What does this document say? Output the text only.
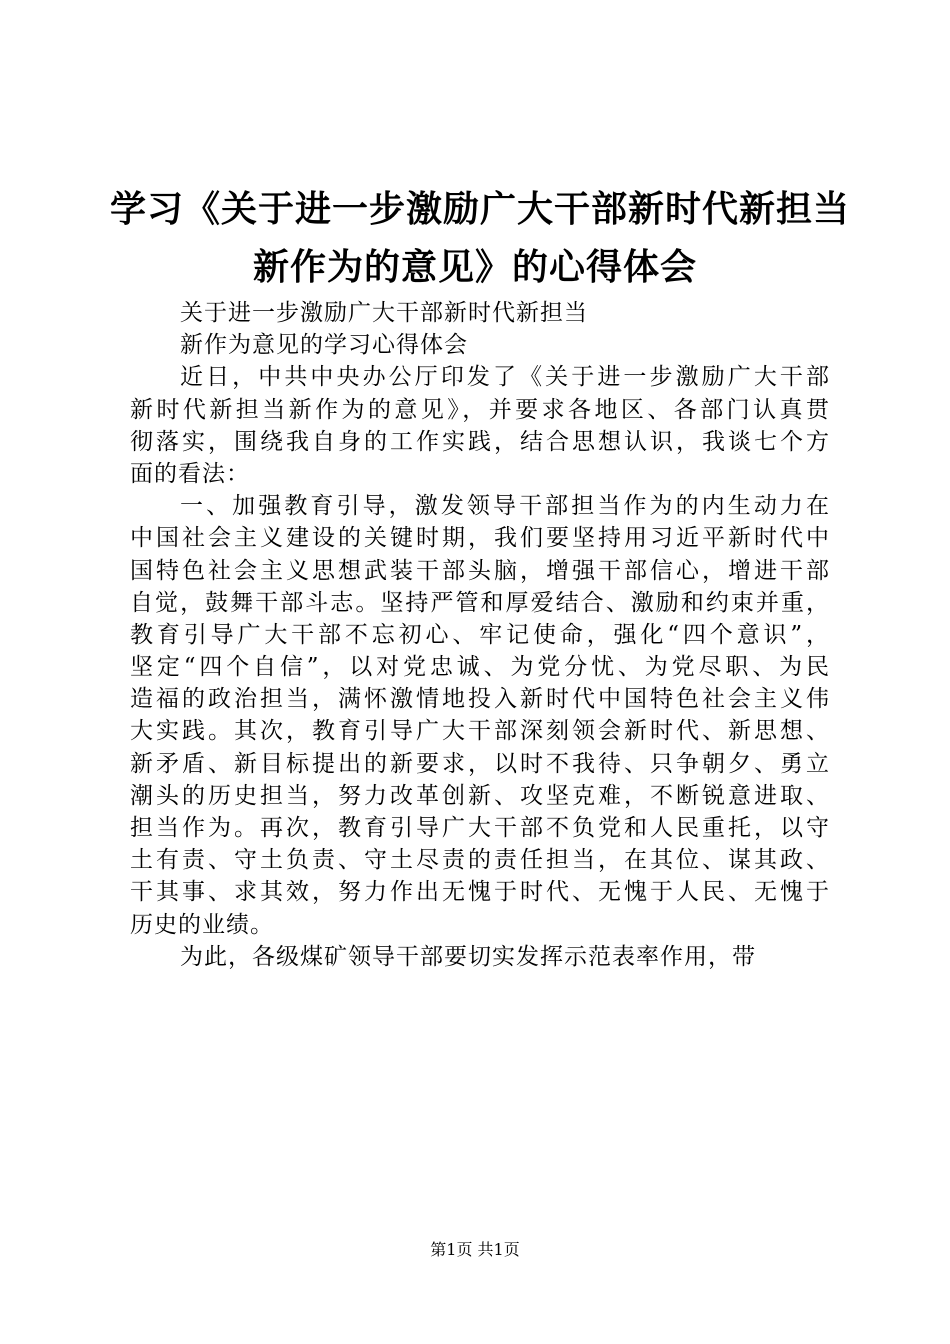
学习《关于进一步激励广大干部新时代新担当
新作为的意见》的心得体会

关于进一步激励广大干部新时代新担当

新作为意见的学习心得体会

近日，中共中央办公厅印发了《关于进一步激励广大干部

新时代新担当新作为的意见》，并要求各地区、各部门认真贯

彻落实，围绕我自身的工作实践，结合思想认识，我谈七个方

面的看法：

一、加强教育引导，激发领导干部担当作为的内生动力在

中国社会主义建设的关键时期，我们要坚持用习近平新时代中

国特色社会主义思想武装干部头脑，增强干部信心，增进干部

自觉，鼓舞干部斗志。坚持严管和厚爱结合、激励和约束并重，

教育引导广大干部不忘初心、牢记使命，强化“四个意识”，

坚定“四个自信”，以对党忠诚、为党分忧、为党尽职、为民

造福的政治担当，满怀激情地投入新时代中国特色社会主义伟

大实践。其次，教育引导广大干部深刻领会新时代、新思想、

新矛盾、新目标提出的新要求，以时不我待、只争朝夕、勇立

潮头的历史担当，努力改革创新、攻坚克难，不断锐意进取、

担当作为。再次，教育引导广大干部不负党和人民重托，以守

土有责、守土负责、守土尽责的责任担当，在其位、谋其政、

干其事、求其效，努力作出无愧于时代、无愧于人民、无愧于

历史的业绩。

为此，各级煤矿领导干部要切实发挥示范表率作用，带

第1页 共1页
